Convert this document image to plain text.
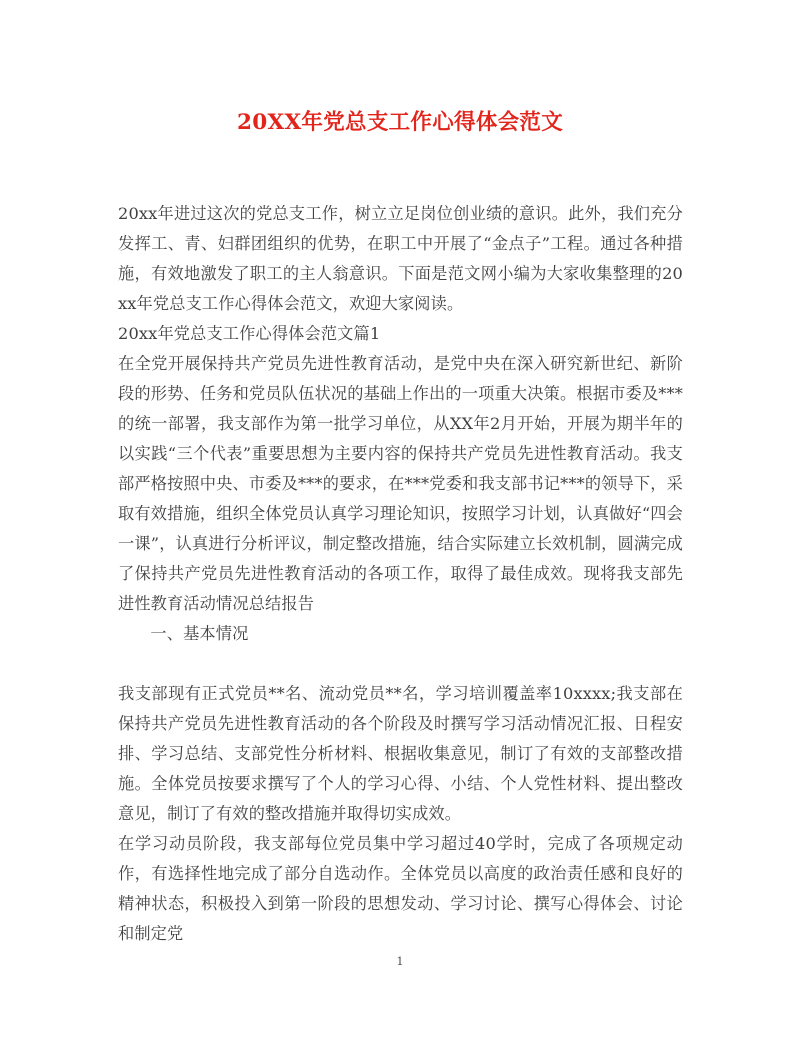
20XX年党总支工作心得体会范文

20xx年进过这次的党总支工作，树立立足岗位创业绩的意识。此外，我们充分发挥工、青、妇群团组织的优势，在职工中开展了“金点子”工程。通过各种措施，有效地激发了职工的主人翁意识。下面是范文网小编为大家收集整理的20xx年党总支工作心得体会范文，欢迎大家阅读。

20xx年党总支工作心得体会范文篇1

在全党开展保持共产党员先进性教育活动，是党中央在深入研究新世纪、新阶段的形势、任务和党员队伍状况的基础上作出的一项重大决策。根据市委及***的统一部署，我支部作为第一批学习单位，从XX年2月开始，开展为期半年的以实践“三个代表”重要思想为主要内容的保持共产党员先进性教育活动。我支部严格按照中央、市委及***的要求，在***党委和我支部书记***的领导下，采取有效措施，组织全体党员认真学习理论知识，按照学习计划，认真做好“四会一课”，认真进行分析评议，制定整改措施，结合实际建立长效机制，圆满完成了保持共产党员先进性教育活动的各项工作，取得了最佳成效。现将我支部先进性教育活动情况总结报告

一、基本情况

我支部现有正式党员**名、流动党员**名，学习培训覆盖率10xxxx;我支部在保持共产党员先进性教育活动的各个阶段及时撰写学习活动情况汇报、日程安排、学习总结、支部党性分析材料、根据收集意见，制订了有效的支部整改措施。全体党员按要求撰写了个人的学习心得、小结、个人党性材料、提出整改意见，制订了有效的整改措施并取得切实成效。

在学习动员阶段，我支部每位党员集中学习超过40学时，完成了各项规定动作，有选择性地完成了部分自选动作。全体党员以高度的政治责任感和良好的精神状态，积极投入到第一阶段的思想发动、学习讨论、撰写心得体会、讨论和制定党

1
